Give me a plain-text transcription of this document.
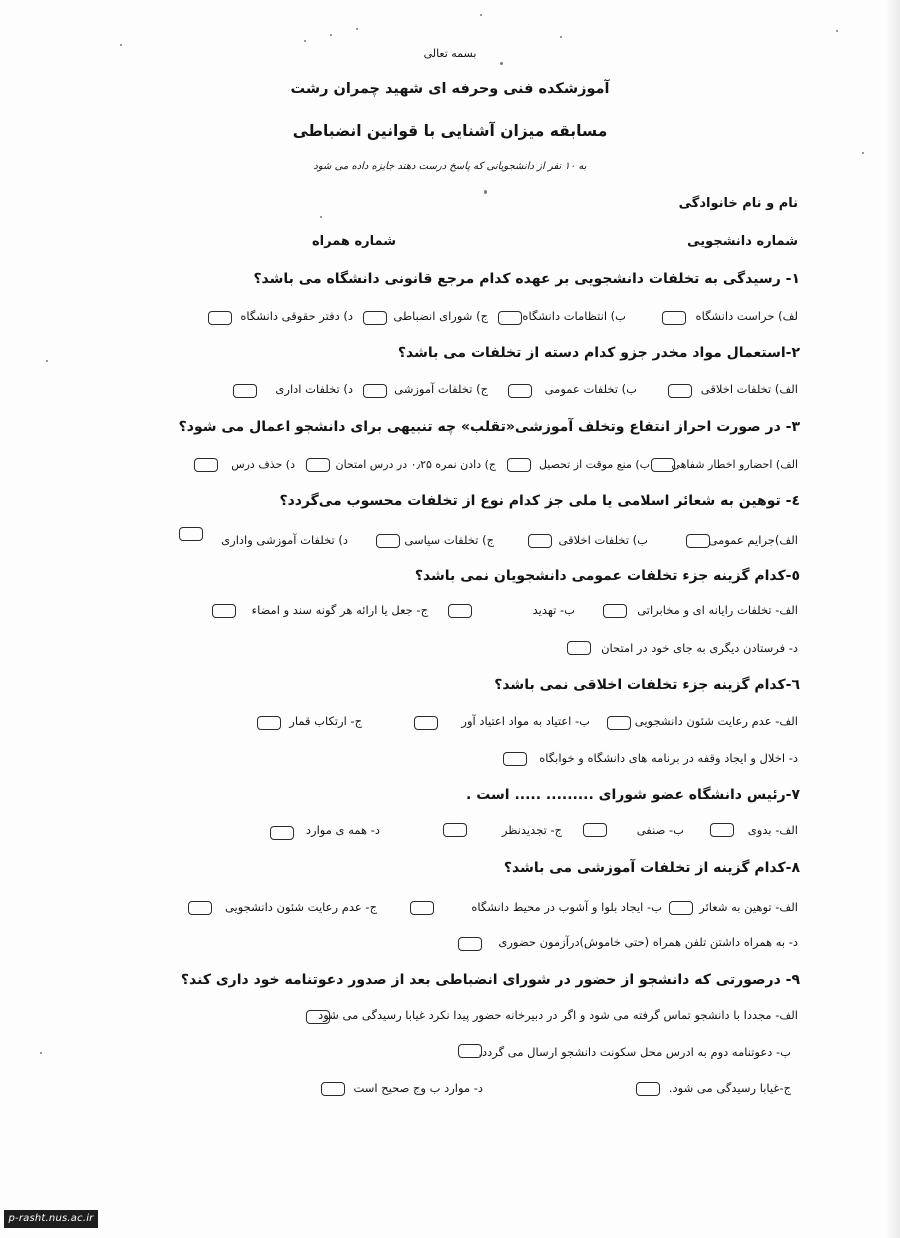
بسمه تعالی
آموزشکده فنی وحرفه ای شهید چمران رشت
مسابقه میزان آشنایی با قوانین انضباطی
به ۱۰ نفر از دانشجویانی که پاسخ درست دهند جایزه داده می شود
نام و نام خانوادگی
شماره دانشجویی
شماره همراه
۱- رسیدگی به تخلفات دانشجویی بر عهده کدام مرجع قانونی دانشگاه می باشد؟
لف) حراست دانشگاه
ب) انتظامات دانشگاه
ج) شورای انضباطی
د) دفتر حقوقی دانشگاه
۲-استعمال مواد مخدر جزو کدام دسته از تخلفات می باشد؟
الف) تخلفات اخلاقی
ب) تخلفات عمومی
ج) تخلفات آموزشی
د) تخلفات اداری
۳- در صورت احراز انتفاع وتخلف آموزشی«تقلب» چه تنبیهی برای دانشجو اعمال می شود؟
الف) احضارو اخطار شفاهی
ب) منع موقت از تحصیل
ج) دادن نمره ۰٫۲۵ در درس امتحان
د) حذف درس
٤- توهین به شعائر اسلامی یا ملی جز کدام نوع از تخلفات محسوب می‌گردد؟
الف)جرایم عمومی
ب) تخلفات اخلاقی
ج) تخلفات سیاسی
د) تخلفات آموزشی واداری
٥-کدام گزینه جزء تخلفات عمومی دانشجویان نمی باشد؟
الف- تخلفات رایانه ای و مخابراتی
ب- تهدید
ج- جعل یا ارائه هر گونه سند و امضاء
د- فرستادن دیگری به جای خود در امتحان
٦-کدام گزینه جزء تخلفات اخلاقی نمی باشد؟
الف- عدم رعایت شئون دانشجویی
ب- اعتیاد به مواد اعتیاد آور
ج- ارتکاب قمار
د- اخلال و ایجاد وقفه در برنامه های دانشگاه و خوابگاه
۷-رئیس دانشگاه عضو شورای ......... ..... است .
الف- بدوی
ب- صنفی
ج- تجدیدنظر
د- همه ی موارد
۸-کدام گزینه از تخلفات آموزشی می باشد؟
الف- توهین به شعائر
ب- ایجاد بلوا و آشوب در محیط دانشگاه
ج- عدم رعایت شئون دانشجویی
د- به همراه داشتن تلفن همراه (حتی خاموش)درآزمون حضوری
۹- درصورتی که دانشجو از حضور در شورای انضباطی بعد از صدور دعوتنامه خود داری کند؟
الف- مجددا با دانشجو تماس گرفته می شود و اگر در دبیرخانه حضور پیدا نکرد غیابا رسیدگی می شود
ب- دعوتنامه دوم به ادرس محل سکونت دانشجو ارسال می گردد.
ج-غیابا رسیدگی می شود.
د- موارد ب وج صحیح است
p-rasht.nus.ac.ir
